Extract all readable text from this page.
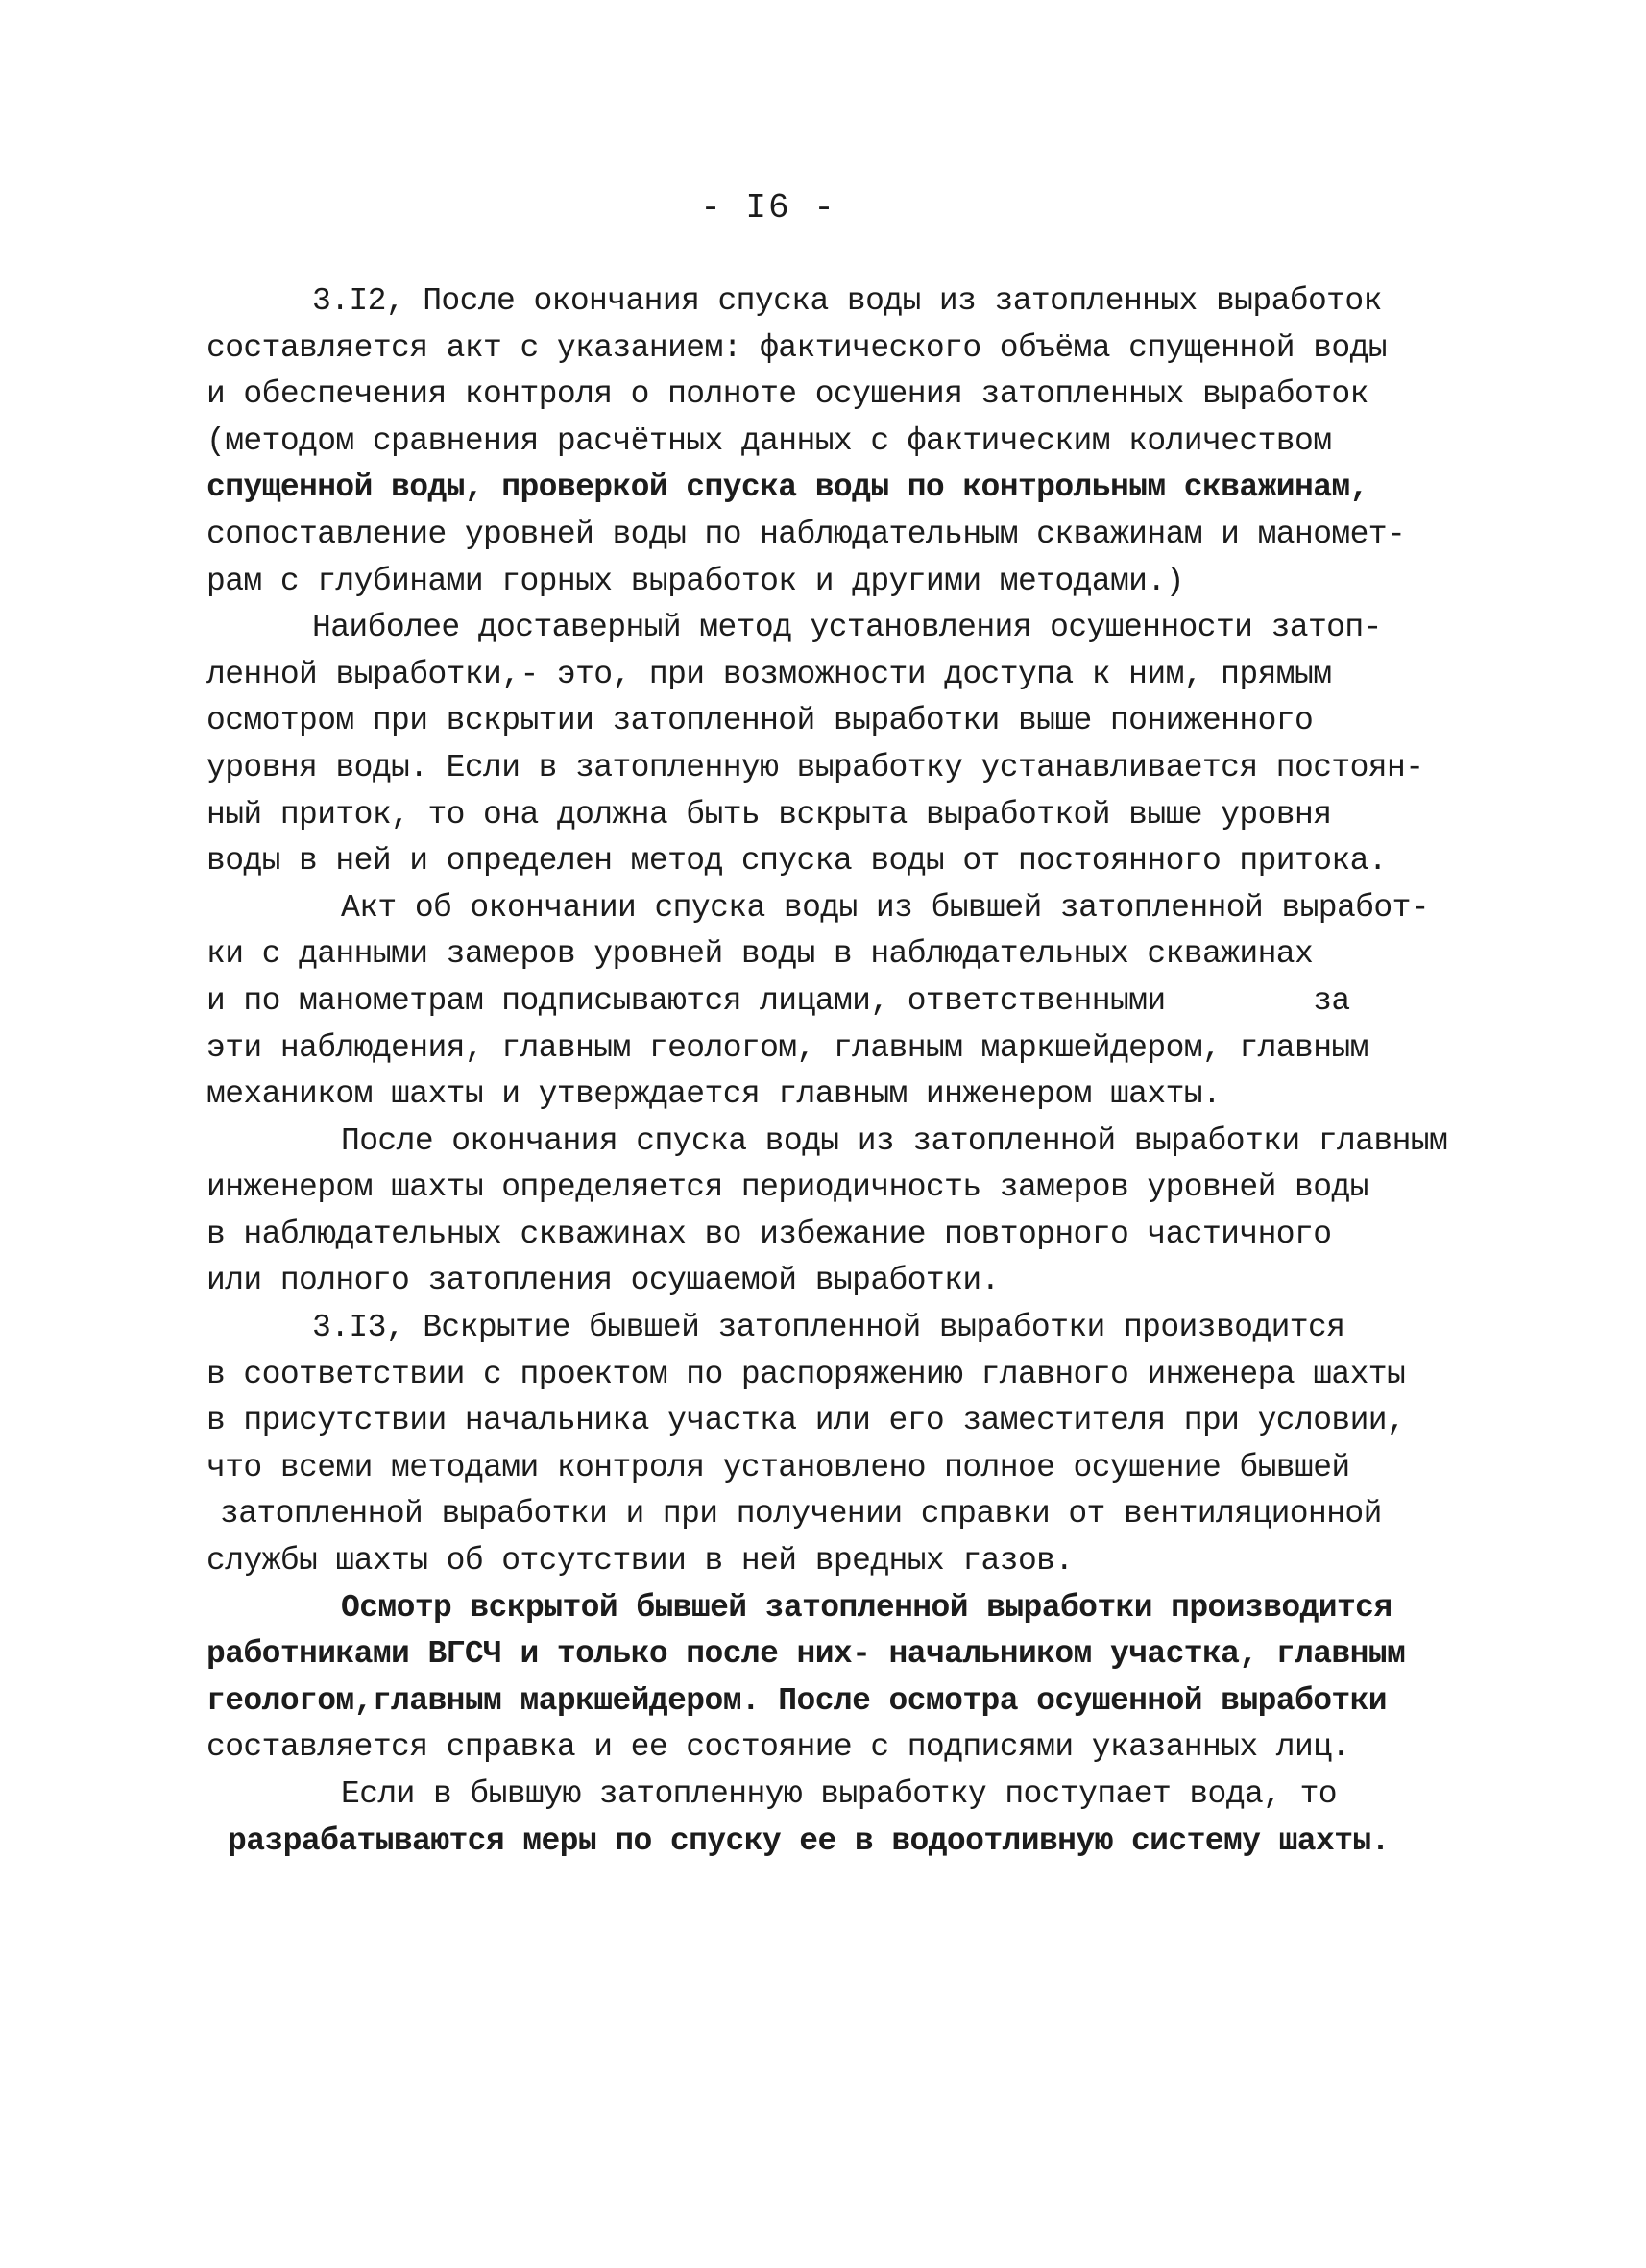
- I6 -
3.I2, После окончания спуска воды из затопленных выработок
составляется акт с указанием: фактического объёма спущенной воды
и обеспечения контроля о полноте осушения затопленных выработок
(методом сравнения расчётных данных с фактическим количеством
спущенной воды, проверкой спуска воды по контрольным скважинам,
сопоставление уровней воды по наблюдательным скважинам и маномет-
рам с глубинами горных выработок и другими методами.)
Наиболее доставерный метод установления осушенности затоп-
ленной выработки,- это, при возможности доступа к ним, прямым
осмотром при вскрытии затопленной выработки выше пониженного
уровня воды. Если в затопленную выработку устанавливается постоян-
ный приток, то она должна быть вскрыта выработкой выше уровня
воды в ней и определен метод спуска воды от постоянного притока.
Акт об окончании спуска воды из бывшей затопленной выработ-
ки с данными замеров уровней воды в наблюдательных скважинах
и по манометрам подписываются лицами, ответственными        за
эти наблюдения, главным геологом, главным маркшейдером, главным
механиком шахты и утверждается главным инженером шахты.
После окончания спуска воды из затопленной выработки главным
инженером шахты определяется периодичность замеров уровней воды
в наблюдательных скважинах во избежание повторного частичного
или полного затопления осушаемой выработки.
3.I3, Вскрытие бывшей затопленной выработки производится
в соответствии с проектом по распоряжению главного инженера шахты
в присутствии начальника участка или его заместителя при условии,
что всеми методами контроля установлено полное осушение бывшей
затопленной выработки и при получении справки от вентиляционной
службы шахты об отсутствии в ней вредных газов.
Осмотр вскрытой бывшей затопленной выработки производится
работниками ВГСЧ и только после них- начальником участка, главным
геологом,главным маркшейдером. После осмотра осушенной выработки
составляется справка и ее состояние с подписями указанных лиц.
Если в бывшую затопленную выработку поступает вода, то
разрабатываются меры по спуску ее в водоотливную систему шахты.
